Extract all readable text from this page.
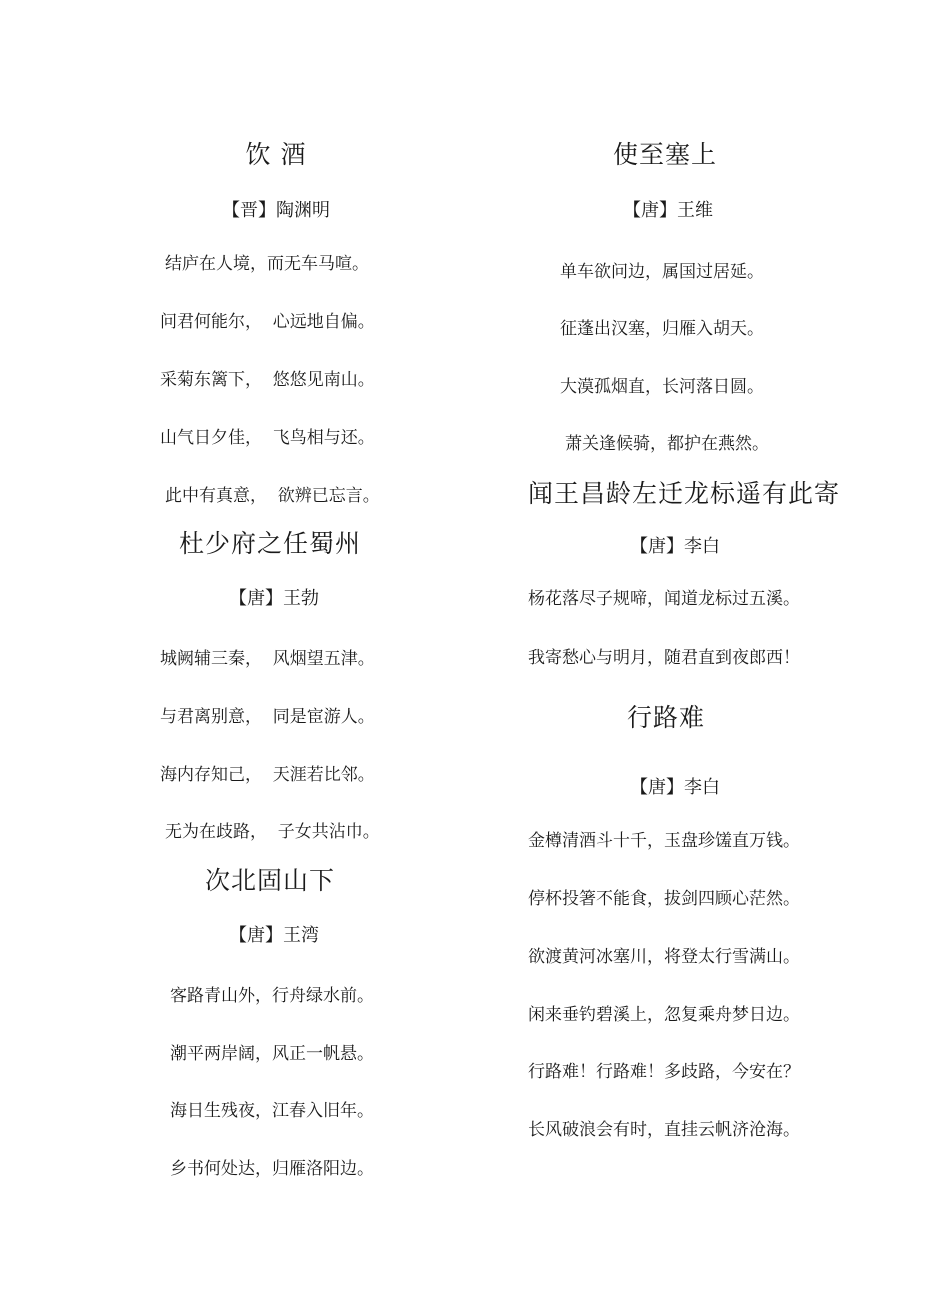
饮 酒
【晋】陶渊明
结庐在人境，而无车马喧。
问君何能尔，  心远地自偏。
采菊东篱下，  悠悠见南山。
山气日夕佳，  飞鸟相与还。
此中有真意，  欲辨已忘言。
杜少府之任蜀州
【唐】王勃
城阙辅三秦，  风烟望五津。
与君离别意，  同是宦游人。
海内存知己，  天涯若比邻。
无为在歧路，  子女共沾巾。
次北固山下
【唐】王湾
客路青山外，行舟绿水前。
潮平两岸阔，风正一帆悬。
海日生残夜，江春入旧年。
乡书何处达，归雁洛阳边。
使至塞上
【唐】王维
单车欲问边，属国过居延。
征蓬出汉塞，归雁入胡天。
大漠孤烟直，长河落日圆。
萧关逢候骑，都护在燕然。
闻王昌龄左迁龙标遥有此寄
【唐】李白
杨花落尽子规啼，闻道龙标过五溪。
我寄愁心与明月，随君直到夜郎西！
行路难
【唐】李白
金樽清酒斗十千，玉盘珍馐直万钱。
停杯投箸不能食，拔剑四顾心茫然。
欲渡黄河冰塞川，将登太行雪满山。
闲来垂钓碧溪上，忽复乘舟梦日边。
行路难！行路难！多歧路，今安在？
长风破浪会有时，直挂云帆济沧海。
